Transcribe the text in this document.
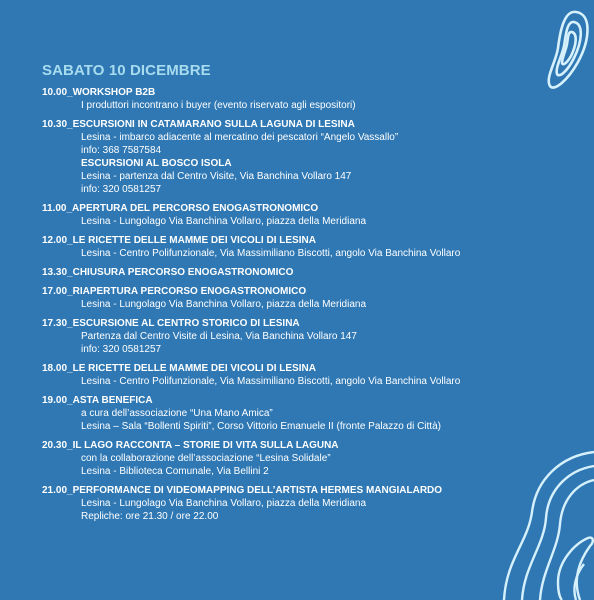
SABATO 10 DICEMBRE
10.00_WORKSHOP B2B
I produttori incontrano i buyer (evento riservato agli espositori)
10.30_ESCURSIONI IN CATAMARANO SULLA LAGUNA DI LESINA
Lesina - imbarco adiacente al mercatino dei pescatori “Angelo Vassallo”
info: 368 7587584
ESCURSIONI AL BOSCO ISOLA
Lesina - partenza dal Centro Visite, Via Banchina Vollaro 147
info: 320 0581257
11.00_APERTURA DEL PERCORSO ENOGASTRONOMICO
Lesina - Lungolago Via Banchina Vollaro, piazza della Meridiana
12.00_LE RICETTE DELLE MAMME DEI VICOLI DI LESINA
Lesina - Centro Polifunzionale, Via Massimiliano Biscotti, angolo Via Banchina Vollaro
13.30_CHIUSURA PERCORSO ENOGASTRONOMICO
17.00_RIAPERTURA PERCORSO ENOGASTRONOMICO
Lesina - Lungolago Via Banchina Vollaro, piazza della Meridiana
17.30_ESCURSIONE AL CENTRO STORICO DI LESINA
Partenza dal Centro Visite di Lesina, Via Banchina Vollaro 147
info: 320 0581257
18.00_LE RICETTE DELLE MAMME DEI VICOLI DI LESINA
Lesina - Centro Polifunzionale, Via Massimiliano Biscotti, angolo Via Banchina Vollaro
19.00_ASTA BENEFICA
a cura dell’associazione “Una Mano Amica”
Lesina – Sala “Bollenti Spiriti”, Corso Vittorio Emanuele II (fronte Palazzo di Città)
20.30_IL LAGO RACCONTA – STORIE DI VITA SULLA LAGUNA
con la collaborazione dell’associazione “Lesina Solidale”
Lesina - Biblioteca Comunale, Via Bellini 2
21.00_PERFORMANCE DI VIDEOMAPPING DELL’ARTISTA HERMES MANGIALARDO
Lesina - Lungolago Via Banchina Vollaro, piazza della Meridiana
Repliche: ore 21.30 / ore 22.00
